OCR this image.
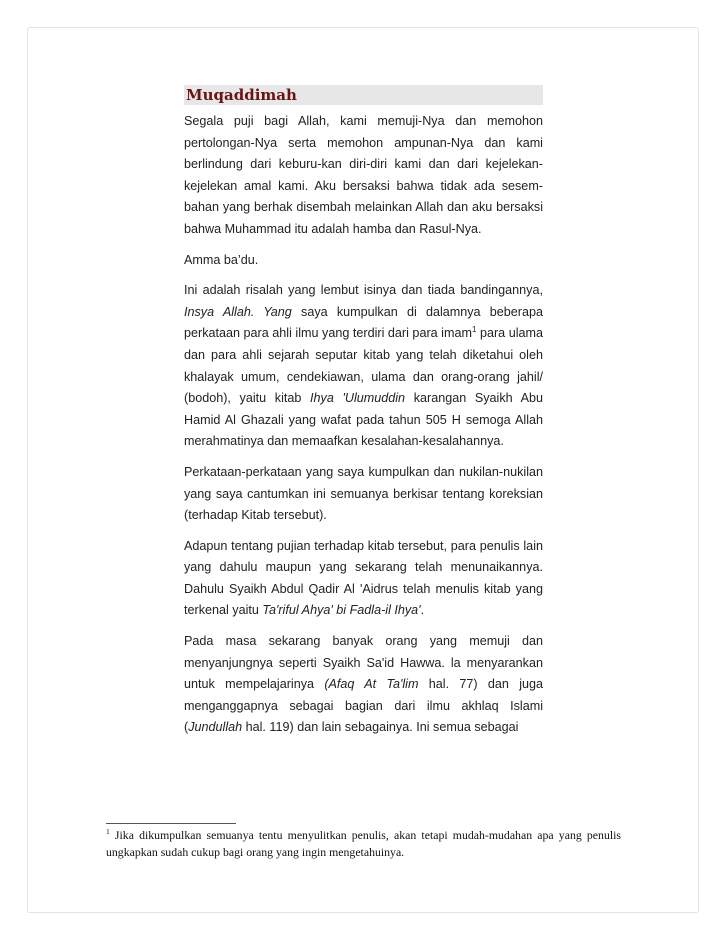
Muqaddimah

Segala puji bagi Allah, kami memuji-Nya dan memohon pertolongan-Nya serta memohon ampunan-Nya dan kami berlindung dari keburu-kan diri-diri kami dan dari kejelekan-kejelekan amal kami. Aku bersaksi bahwa tidak ada sesem-bahan yang berhak disembah melainkan Allah dan aku bersaksi bahwa Muhammad itu adalah hamba dan Rasul-Nya.

Amma ba’du.

Ini adalah risalah yang lembut isinya dan tiada bandingannya, Insya Allah. Yang saya kumpulkan di dalamnya beberapa perkataan para ahli ilmu yang terdiri dari para imam$^1$ para ulama dan para ahli sejarah seputar kitab yang telah diketahui oleh khalayak umum, cendekiawan, ulama dan orang-orang jahil/ (bodoh), yaitu kitab Ihya 'Ulumuddin karangan Syaikh Abu Hamid Al Ghazali yang wafat pada tahun 505 H semoga Allah merahmatinya dan memaafkan kesalahan-kesalahannya.

Perkataan-perkataan yang saya kumpulkan dan nukilan-nukilan yang saya cantumkan ini semuanya berkisar tentang koreksian (terhadap Kitab tersebut).

Adapun tentang pujian terhadap kitab tersebut, para penulis lain yang dahulu maupun yang sekarang telah menunaikannya. Dahulu Syaikh Abdul Qadir Al 'Aidrus telah menulis kitab yang terkenal yaitu Ta'riful Ahya' bi Fadla-il Ihya'.

Pada masa sekarang banyak orang yang memuji dan menyanjungnya seperti Syaikh Sa'id Hawwa. la menyarankan untuk mempelajarinya (Afaq At Ta'lim hal. 77) dan juga menganggapnya sebagai bagian dari ilmu akhlaq Islami (Jundullah hal. 119) dan lain sebagainya. Ini semua sebagai

$^1$ Jika dikumpulkan semuanya tentu menyulitkan penulis, akan tetapi mudah-mudahan apa yang penulis ungkapkan sudah cukup bagi orang yang ingin mengetahuinya.
